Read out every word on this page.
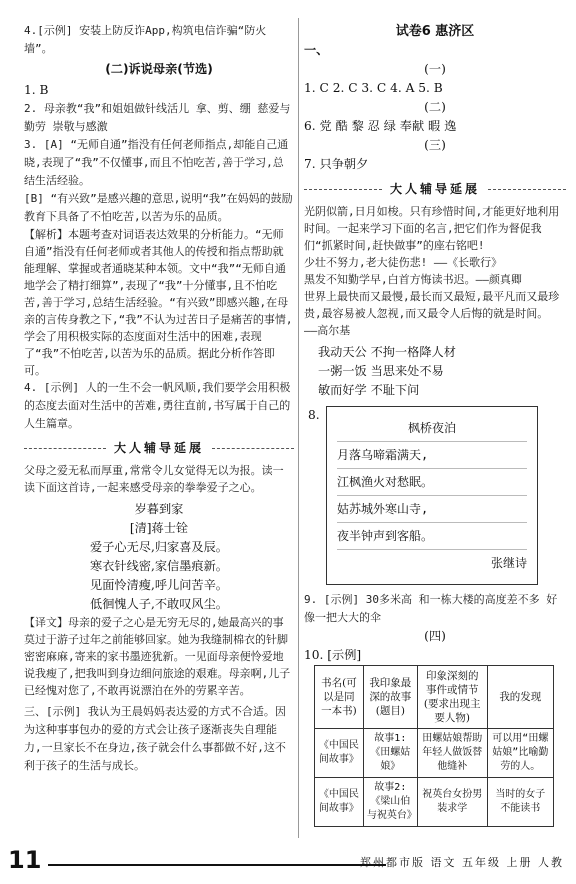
4.[示例] 安装上防反诈App,构筑电信诈骗“防火墙”。
(二)诉说母亲(节选)
1. B
2. 母亲教“我”和姐姐做针线活儿 拿、剪、绷 慈爱与勤劳 崇敬与感激
3. [A] “无师自通”指没有任何老师指点,却能自己通晓,表现了“我”不仅懂事,而且不怕吃苦,善于学习,总结生活经验。
[B] “有兴致”是感兴趣的意思,说明“我”在妈妈的鼓励教育下具备了不怕吃苦,以苦为乐的品质。
【解析】本题考查对词语表达效果的分析能力。“无师自通”指没有任何老师或者其他人的传授和指点帮助就能理解、掌握或者通晓某种本领。文中“我”“无师自通地学会了精打细算”,表现了“我”十分懂事,且不怕吃苦,善于学习,总结生活经验。“有兴致”即感兴趣,在母亲的言传身教之下,“我”不认为过苦日子是痛苦的事情,学会了用积极实际的态度面对生活中的困难,表现了“我”不怕吃苦,以苦为乐的品质。据此分析作答即可。
4. [示例] 人的一生不会一帆风顺,我们要学会用积极的态度去面对生活中的苦难,勇往直前,书写属于自己的人生篇章。
大人辅导延展
父母之爱无私而厚重,常常令儿女觉得无以为报。读一读下面这首诗,一起来感受母亲的拳拳爱子之心。
岁暮到家
[清]蒋士铨
爱子心无尽,归家喜及辰。
寒衣针线密,家信墨痕新。
见面怜清瘦,呼儿问苦辛。
低徊愧人子,不敢叹风尘。
【译文】母亲的爱子之心是无穷无尽的,她最高兴的事莫过于游子过年之前能够回家。她为我缝制棉衣的针脚密密麻麻,寄来的家书墨迹犹新。一见面母亲便怜爱地说我瘦了,把我叫到身边细问旅途的艰难。母亲啊,儿子已经愧对您了,不敢再说漂泊在外的劳累辛苦。
三、[示例] 我认为王晨妈妈表达爱的方式不合适。因为这种事事包办的爱的方式会让孩子逐渐丧失自理能力,一旦家长不在身边,孩子就会什么事都做不好,这不利于孩子的生活与成长。
试卷6 惠济区
一、
(一)
1. C 2. C 3. C 4. A 5. B
(二)
6. 党 酷 黎 忍 绿 奉献 暇 逸
(三)
7. 只争朝夕
大人辅导延展
光阴似箭,日月如梭。只有珍惜时间,才能更好地利用时间。一起来学习下面的名言,把它们作为督促我们“抓紧时间,赶快做事”的座右铭吧!
少壮不努力,老大徒伤悲! ——《长歌行》
黑发不知勤学早,白首方悔读书迟。——颜真卿
世界上最快而又最慢,最长而又最短,最平凡而又最珍贵,最容易被人忽视,而又最令人后悔的就是时间。 ——高尔基
我动天公 不拘一格降人材
一粥一饭 当思来处不易
敏而好学 不耻下问
8.
枫桥夜泊
月落乌啼霜满天,
江枫渔火对愁眠。
姑苏城外寒山寺,
夜半钟声到客船。
张继诗
9. [示例] 30多米高 和一栋大楼的高度差不多 好像一把大大的伞
(四)
10. [示例]
书名(可以是同一本书)	我印象最深的故事(题目)	印象深刻的事件或情节(要求出现主要人物)	我的发现
《中国民间故事》	故事1:《田螺姑娘》	田螺姑娘帮助年轻人做饭替他缝补	可以用“田螺姑娘”比喻勤劳的人。
《中国民间故事》	故事2:《梁山伯与祝英台》	祝英台女扮男装求学	当时的女子不能读书
11	郑州都市版 语文 五年级 上册 人教
